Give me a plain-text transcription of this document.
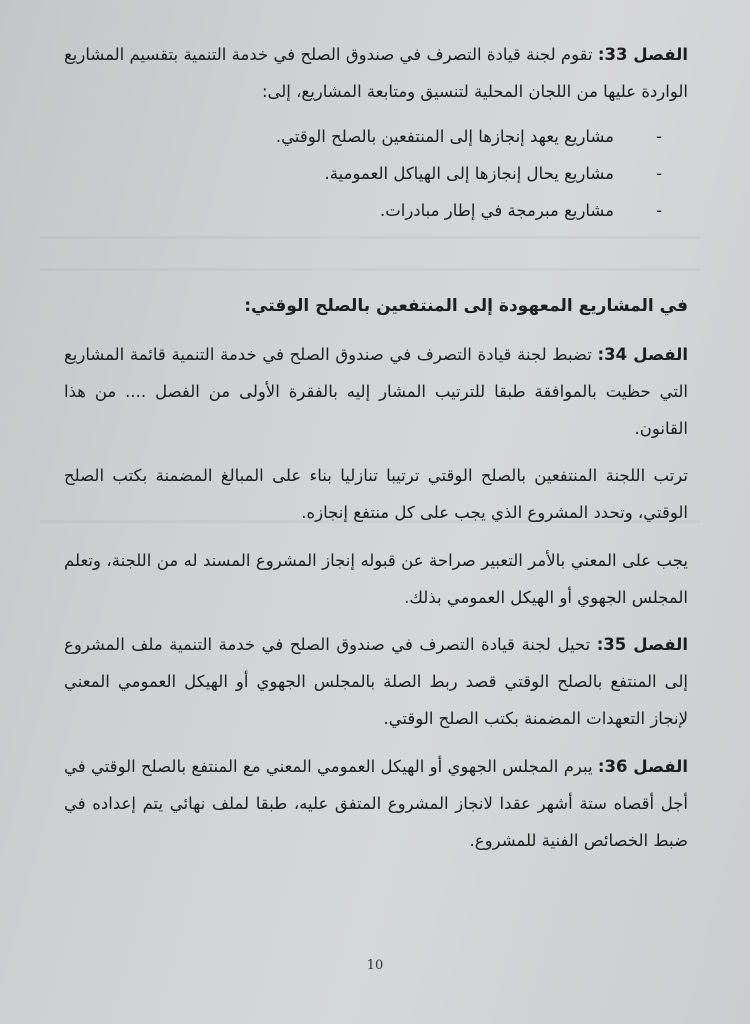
الفصل 33: تقوم لجنة قيادة التصرف في صندوق الصلح في خدمة التنمية بتقسيم المشاريع الواردة عليها من اللجان المحلية لتنسيق ومتابعة المشاريع، إلى:
-
مشاريع يعهد إنجازها إلى المنتفعين بالصلح الوقتي.
-
مشاريع يحال إنجازها إلى الهياكل العمومية.
-
مشاريع مبرمجة في إطار مبادرات.
في المشاريع المعهودة إلى المنتفعين بالصلح الوقتي:
الفصل 34: تضبط لجنة قيادة التصرف في صندوق الصلح في خدمة التنمية قائمة المشاريع التي حظيت بالموافقة طبقا للترتيب المشار إليه بالفقرة الأولى من الفصل .... من هذا القانون.
ترتب اللجنة المنتفعين بالصلح الوقتي ترتيبا تنازليا بناء على المبالغ المضمنة بكتب الصلح الوقتي، وتحدد المشروع الذي يجب على كل منتفع إنجازه.
يجب على المعني بالأمر التعبير صراحة عن قبوله إنجاز المشروع المسند له من اللجنة، وتعلم المجلس الجهوي أو الهيكل العمومي بذلك.
الفصل 35: تحيل لجنة قيادة التصرف في صندوق الصلح في خدمة التنمية ملف المشروع إلى المنتفع بالصلح الوقتي قصد ربط الصلة بالمجلس الجهوي أو الهيكل العمومي المعني لإنجاز التعهدات المضمنة بكتب الصلح الوقتي.
الفصل 36: يبرم المجلس الجهوي أو الهيكل العمومي المعني مع المنتفع بالصلح الوقتي في أجل أقصاه ستة أشهر عقدا لانجاز المشروع المتفق عليه، طبقا لملف نهائي يتم إعداده في ضبط الخصائص الفنية للمشروع.
10
